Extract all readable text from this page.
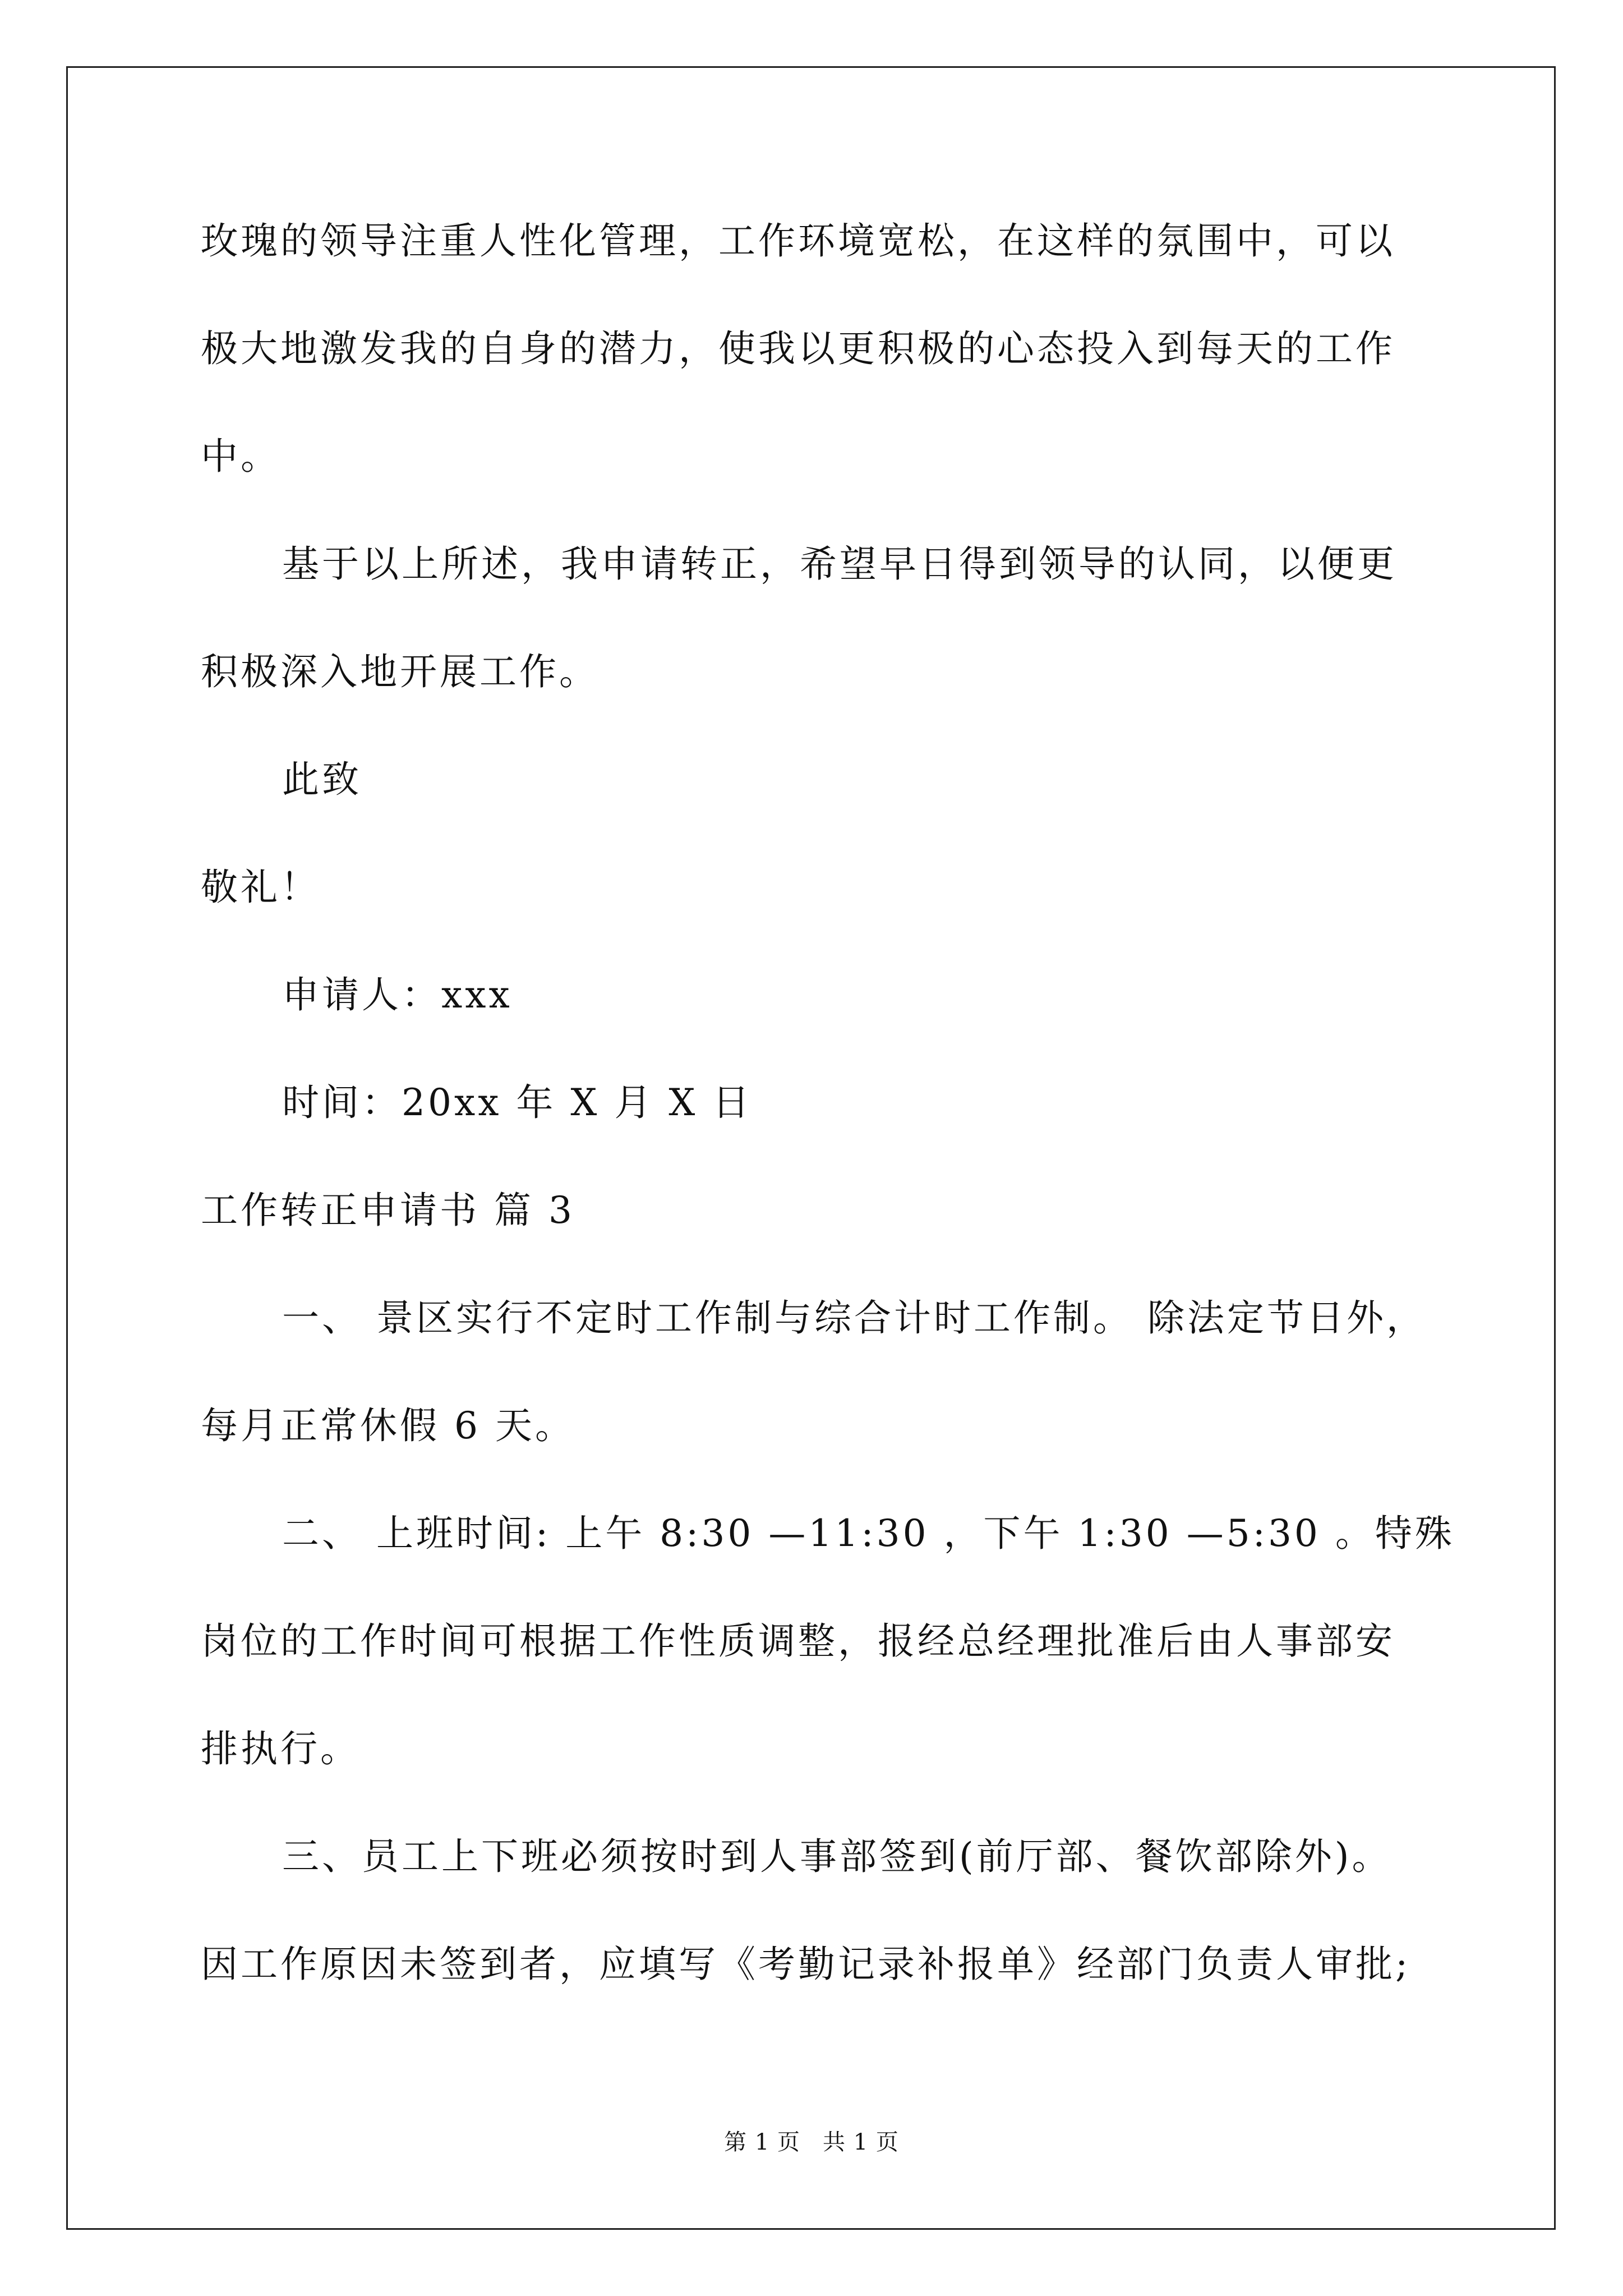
玫瑰的领导注重人性化管理，工作环境宽松，在这样的氛围中，可以
极大地激发我的自身的潜力，使我以更积极的心态投入到每天的工作
中。
基于以上所述，我申请转正，希望早日得到领导的认同，以便更
积极深入地开展工作。
此致
敬礼！
申请人：xxx
时间：20xx 年 X 月 X 日
工作转正申请书 篇 3
一、 景区实行不定时工作制与综合计时工作制。 除法定节日外，
每月正常休假 6 天。
二、 上班时间: 上午 8:30 —11:30 ，下午 1:30 —5:30 。特殊
岗位的工作时间可根据工作性质调整，报经总经理批准后由人事部安
排执行。
三、员工上下班必须按时到人事部签到(前厅部、餐饮部除外)。
因工作原因未签到者，应填写《考勤记录补报单》经部门负责人审批;
第 1 页 共 1 页
